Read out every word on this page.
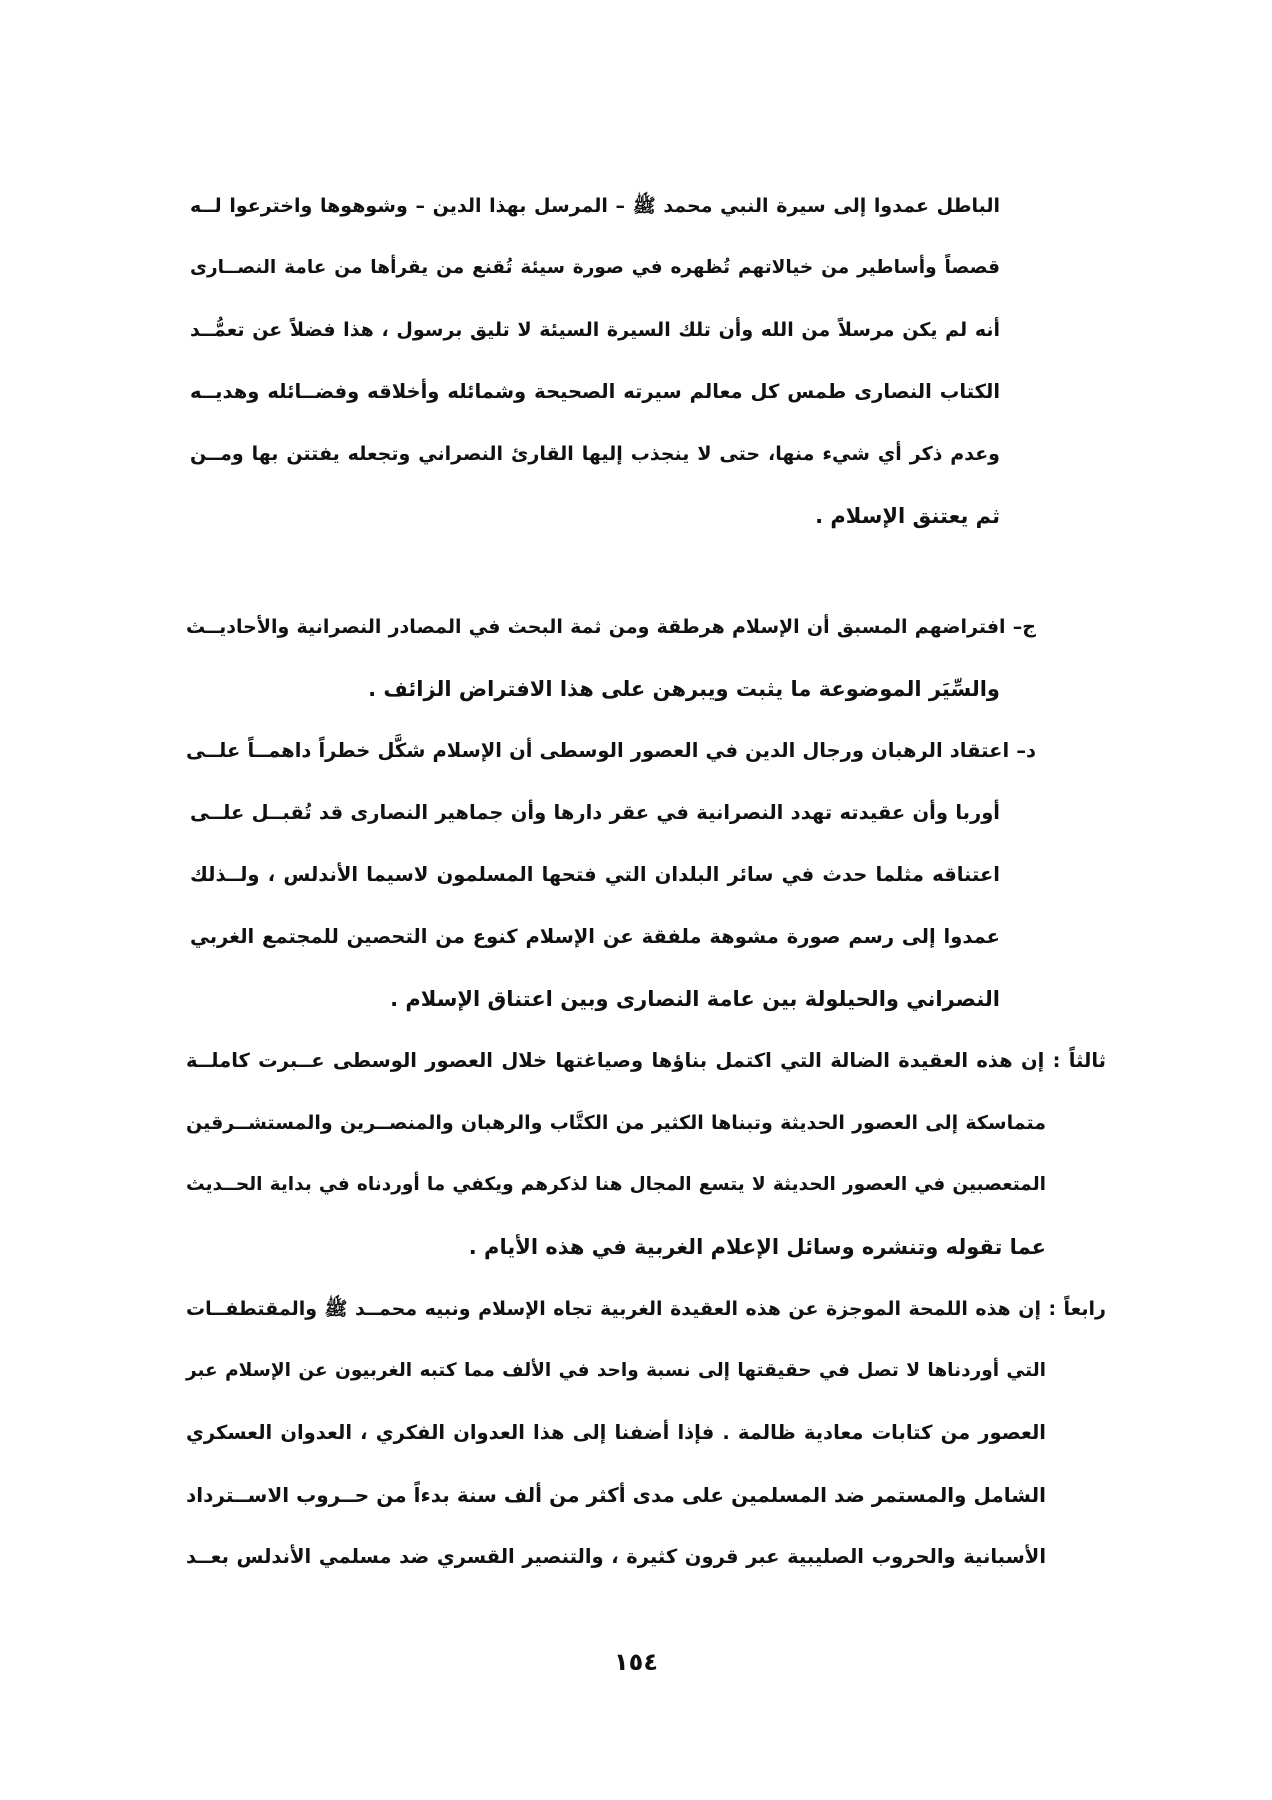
الباطل عمدوا إلى سيرة النبي محمد ﷺ – المرسل بهذا الدين – وشوهوها واخترعوا لــه
قصصاً وأساطير من خيالاتهم تُظهره في صورة سيئة تُقنع من يقرأها من عامة النصــارى
أنه لم يكن مرسلاً من الله وأن تلك السيرة السيئة لا تليق برسول ، هذا فضلاً عن تعمُّــد
الكتاب النصارى طمس كل معالم سيرته الصحيحة وشمائله وأخلاقه وفضــائله وهديــه
وعدم ذكر أي شيء منها، حتى لا ينجذب إليها القارئ النصراني وتجعله يفتتن بها ومــن
ثم يعتنق الإسلام .
ج– افتراضهم المسبق أن الإسلام هرطقة ومن ثمة البحث في المصادر النصرانية والأحاديــث
والسِّيَر الموضوعة ما يثبت ويبرهن على هذا الافتراض الزائف .
د– اعتقاد الرهبان ورجال الدين في العصور الوسطى أن الإسلام شكَّل خطراً داهمــاً علــى
أوربا وأن عقيدته تهدد النصرانية في عقر دارها وأن جماهير النصارى قد تُقبــل علــى
اعتناقه مثلما حدث في سائر البلدان التي فتحها المسلمون لاسيما الأندلس ، ولــذلك
عمدوا إلى رسم صورة مشوهة ملفقة عن الإسلام كنوع من التحصين للمجتمع الغربي
النصراني والحيلولة بين عامة النصارى وبين اعتناق الإسلام .
ثالثاً : إن هذه العقيدة الضالة التي اكتمل بناؤها وصياغتها خلال العصور الوسطى عــبرت كاملــة
متماسكة إلى العصور الحديثة وتبناها الكثير من الكتَّاب والرهبان والمنصــرين والمستشــرقين
المتعصبين في العصور الحديثة لا يتسع المجال هنا لذكرهم ويكفي ما أوردناه في بداية الحــديث
عما تقوله وتنشره وسائل الإعلام الغربية في هذه الأيام .
رابعاً : إن هذه اللمحة الموجزة عن هذه العقيدة الغربية تجاه الإسلام ونبيه محمــد ﷺ والمقتطفــات
التي أوردناها لا تصل في حقيقتها إلى نسبة واحد في الألف مما كتبه الغربيون عن الإسلام عبر
العصور من كتابات معادية ظالمة . فإذا أضفنا إلى هذا العدوان الفكري ، العدوان العسكري
الشامل والمستمر ضد المسلمين على مدى أكثر من ألف سنة بدءاً من حــروب الاســترداد
الأسبانية والحروب الصليبية عبر قرون كثيرة ، والتنصير القسري ضد مسلمي الأندلس بعــد
١٥٤
